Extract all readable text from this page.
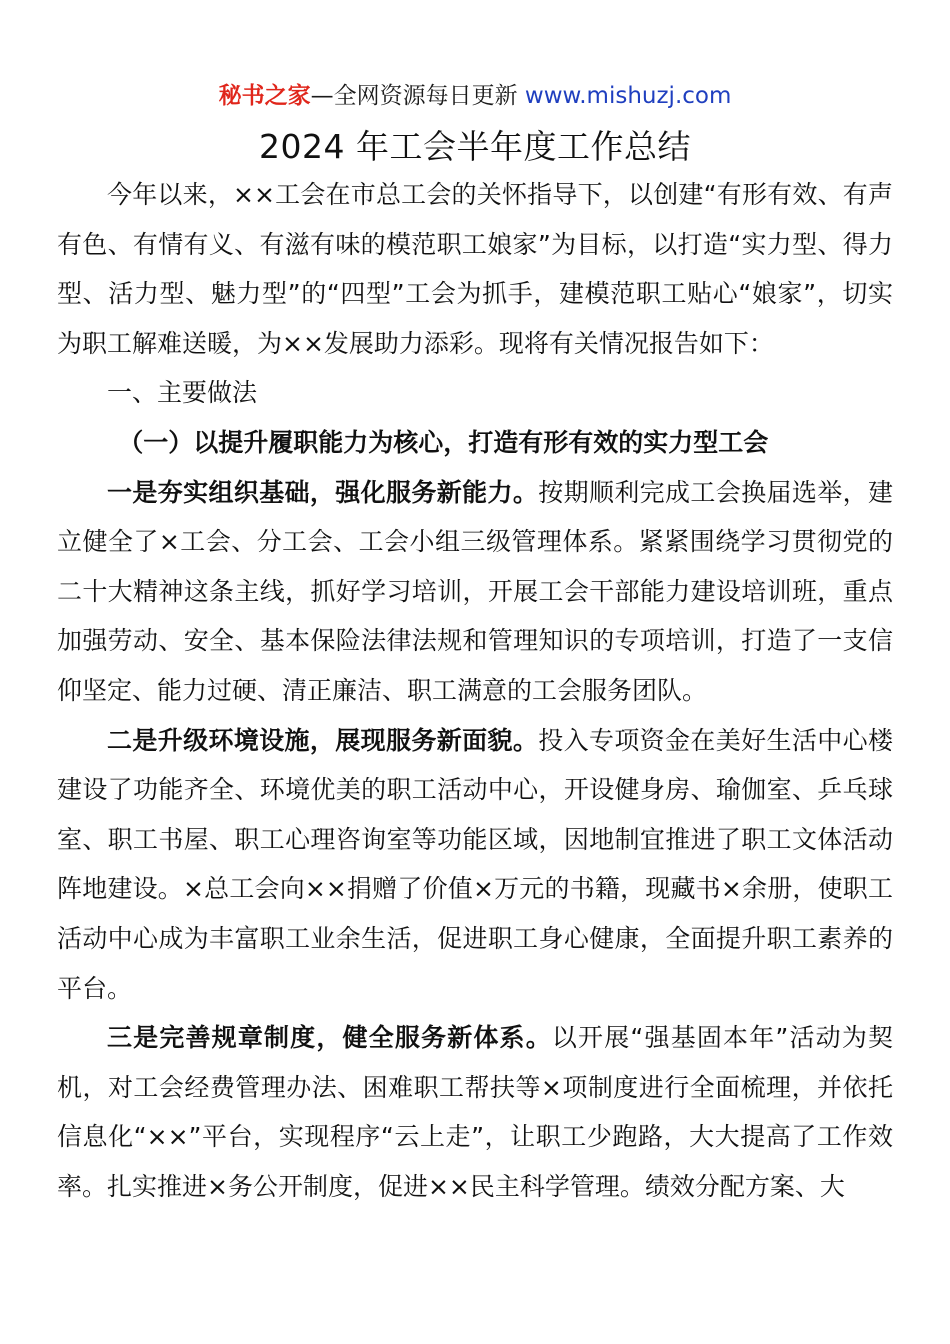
秘书之家—全网资源每日更新 www.mishuzj.com
2024 年工会半年度工作总结

今年以来，××工会在市总工会的关怀指导下，以创建“有形有效、有声有色、有情有义、有滋有味的模范职工娘家”为目标，以打造“实力型、得力型、活力型、魅力型”的“四型”工会为抓手，建模范职工贴心“娘家”，切实为职工解难送暖，为××发展助力添彩。现将有关情况报告如下：

一、主要做法

（一）以提升履职能力为核心，打造有形有效的实力型工会

一是夯实组织基础，强化服务新能力。按期顺利完成工会换届选举，建立健全了×工会、分工会、工会小组三级管理体系。紧紧围绕学习贯彻党的二十大精神这条主线，抓好学习培训，开展工会干部能力建设培训班，重点加强劳动、安全、基本保险法律法规和管理知识的专项培训，打造了一支信仰坚定、能力过硬、清正廉洁、职工满意的工会服务团队。

二是升级环境设施，展现服务新面貌。投入专项资金在美好生活中心楼建设了功能齐全、环境优美的职工活动中心，开设健身房、瑜伽室、乒乓球室、职工书屋、职工心理咨询室等功能区域，因地制宜推进了职工文体活动阵地建设。×总工会向××捐赠了价值×万元的书籍，现藏书×余册，使职工活动中心成为丰富职工业余生活，促进职工身心健康，全面提升职工素养的平台。

三是完善规章制度，健全服务新体系。以开展“强基固本年”活动为契机，对工会经费管理办法、困难职工帮扶等×项制度进行全面梳理，并依托信息化“××”平台，实现程序“云上走”，让职工少跑路，大大提高了工作效率。扎实推进×务公开制度，促进××民主科学管理。绩效分配方案、大
